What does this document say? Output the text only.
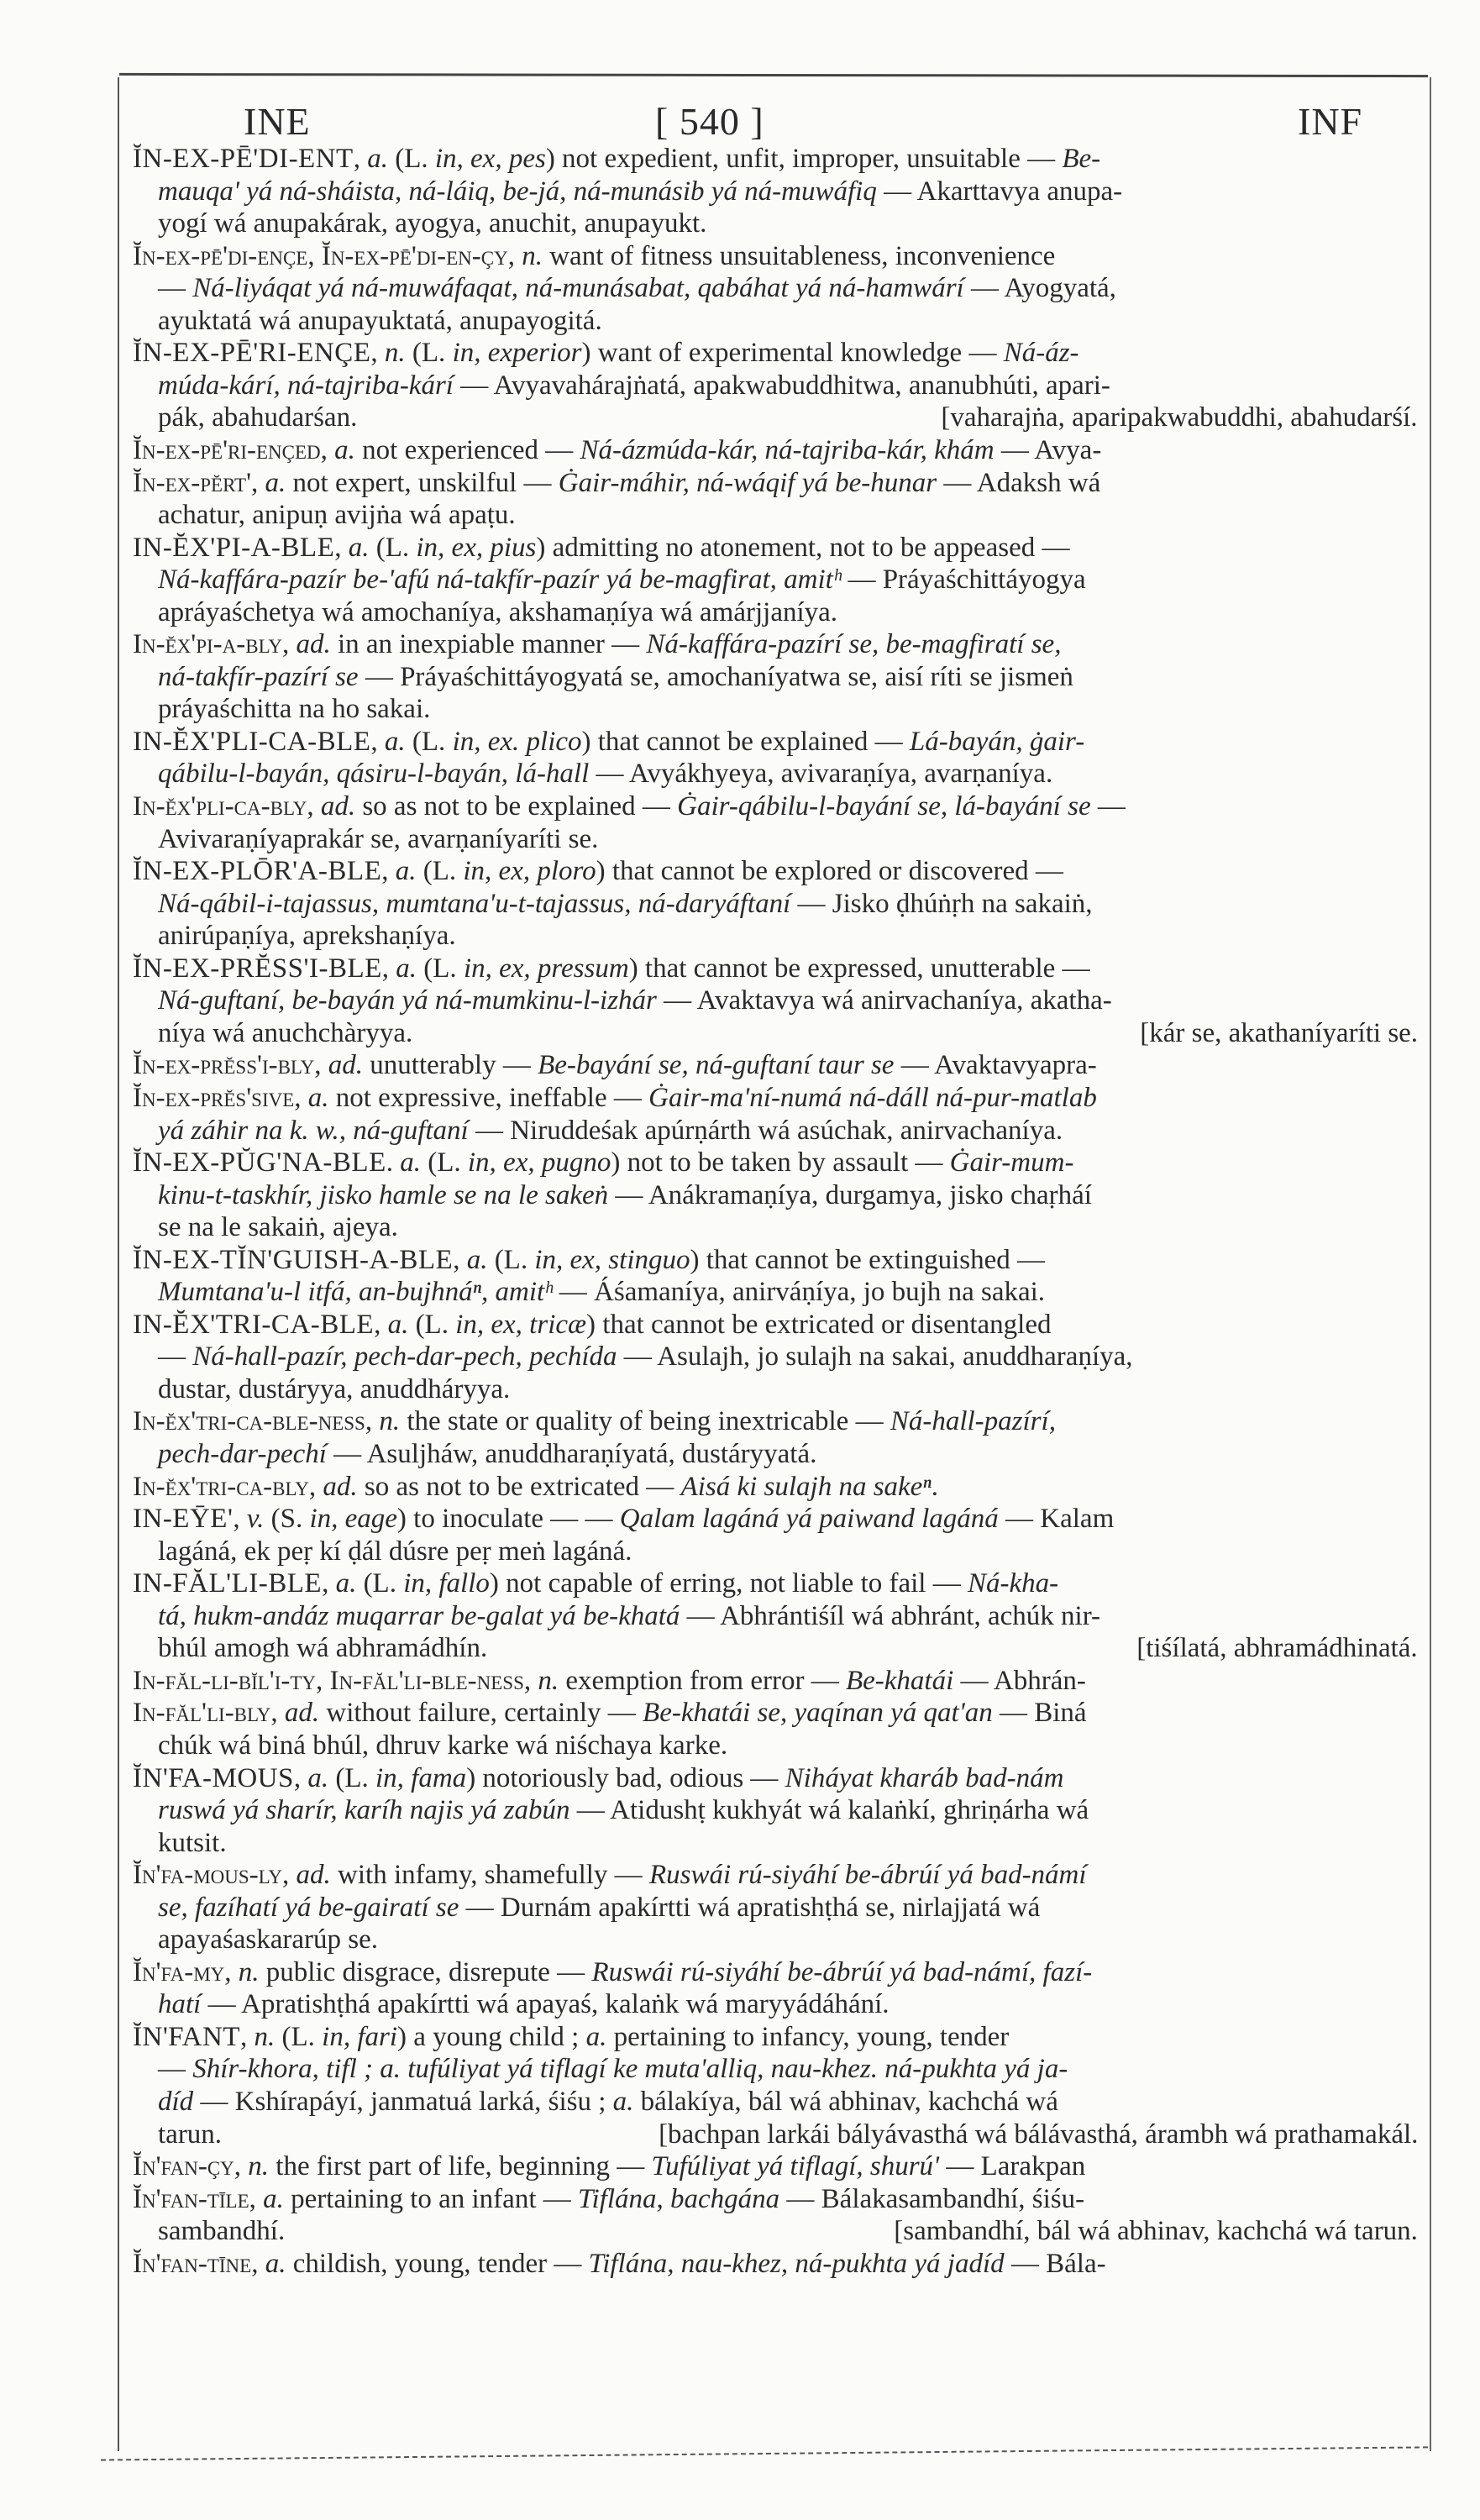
INE	[ 540 ]	INF
ĬN-EX-PĒ'DI-ENT, a. (L. in, ex, pes) not expedient, unfit, improper, unsuitable — Be-
mauqa' yá ná-sháista, ná-láiq, be-já, ná-munásib yá ná-muwáfiq — Akarttavya anupa-
yogí wá anupakárak, ayogya, anuchit, anupayukt.
Ĭn-ex-pē'di-ençe, Ĭn-ex-pē'di-en-çy, n. want of fitness unsuitableness, inconvenience
— Ná-liyáqat yá ná-muwáfaqat, ná-munásabat, qabáhat yá ná-hamwárí — Ayogyatá,
ayuktatá wá anupayuktatá, anupayogitá.
ĬN-EX-PĒ'RI-ENÇE, n. (L. in, experior) want of experimental knowledge — Ná-áz-
múda-kárí, ná-tajriba-kárí — Avyavahárajṅatá, apakwabuddhitwa, ananubhúti, apari-
pák, abahudarśan.	[vaharajṅa, aparipakwabuddhi, abahudarśí.
Ĭn-ex-pē'ri-ençed, a. not experienced — Ná-ázmúda-kár, ná-tajriba-kár, khám — Avya-
Ĭn-ex-pĕrt', a. not expert, unskilful — Ġair-máhir, ná-wáqif yá be-hunar — Adaksh wá
achatur, anipuṇ avijṅa wá apaṭu.
IN-ĔX'PI-A-BLE, a. (L. in, ex, pius) admitting no atonement, not to be appeased —
Ná-kaffára-pazír be-'afú ná-takfír-pazír yá be-magfirat, amitʰ — Práyaśchittáyogya
apráyaśchetya wá amochaníya, akshamaṇíya wá amárjjaníya.
In-ĕx'pi-a-bly, ad. in an inexpiable manner — Ná-kaffára-pazírí se, be-magfiratí se,
ná-takfír-pazírí se — Práyaśchittáyogyatá se, amochaníyatwa se, aisí ríti se jismeṅ
práyaśchitta na ho sakai.
IN-ĔX'PLI-CA-BLE, a. (L. in, ex. plico) that cannot be explained — Lá-bayán, ġair-
qábilu-l-bayán, qásiru-l-bayán, lá-hall — Avyákhyeya, avivaraṇíya, avarṇaníya.
In-ĕx'pli-ca-bly, ad. so as not to be explained — Ġair-qábilu-l-bayání se, lá-bayání se —
Avivaraṇíyaprakár se, avarṇaníyaríti se.
ĬN-EX-PLŌR'A-BLE, a. (L. in, ex, ploro) that cannot be explored or discovered —
Ná-qábil-i-tajassus, mumtana'u-t-tajassus, ná-daryáftaní — Jisko ḍhúṅṛh na sakaiṅ,
anirúpaṇíya, aprekshaṇíya.
ĬN-EX-PRĔSS'I-BLE, a. (L. in, ex, pressum) that cannot be expressed, unutterable —
Ná-guftaní, be-bayán yá ná-mumkinu-l-izhár — Avaktavya wá anirvachaníya, akatha-
níya wá anuchchàryya.	[kár se, akathaníyaríti se.
Ĭn-ex-prĕss'i-bly, ad. unutterably — Be-bayání se, ná-guftaní taur se — Avaktavyapra-
Ĭn-ex-prĕs'sive, a. not expressive, ineffable — Ġair-ma'ní-numá ná-dáll ná-pur-matlab
yá záhir na k. w., ná-guftaní — Niruddeśak apúrṇárth wá asúchak, anirvachaníya.
ĬN-EX-PŬG'NA-BLE. a. (L. in, ex, pugno) not to be taken by assault — Ġair-mum-
kinu-t-taskhír, jisko hamle se na le sakeṅ — Anákramaṇíya, durgamya, jisko chaṛháí
se na le sakaiṅ, ajeya.
ĬN-EX-TĬN'GUISH-A-BLE, a. (L. in, ex, stinguo) that cannot be extinguished —
Mumtana'u-l itfá, an-bujhnáⁿ, amitʰ — Áśamaníya, anirváṇíya, jo bujh na sakai.
IN-ĔX'TRI-CA-BLE, a. (L. in, ex, tricæ) that cannot be extricated or disentangled
— Ná-hall-pazír, pech-dar-pech, pechída — Asulajh, jo sulajh na sakai, anuddharaṇíya,
dustar, dustáryya, anuddháryya.
In-ĕx'tri-ca-ble-ness, n. the state or quality of being inextricable — Ná-hall-pazírí,
pech-dar-pechí — Asuljháw, anuddharaṇíyatá, dustáryyatá.
In-ĕx'tri-ca-bly, ad. so as not to be extricated — Aisá ki sulajh na sakeⁿ.
IN-EȲE', v. (S. in, eage) to inoculate — — Qalam lagáná yá paiwand lagáná — Kalam
lagáná, ek peṛ kí ḍál dúsre peṛ meṅ lagáná.
IN-FĂL'LI-BLE, a. (L. in, fallo) not capable of erring, not liable to fail — Ná-kha-
tá, hukm-andáz muqarrar be-galat yá be-khatá — Abhrántiśíl wá abhránt, achúk nir-
bhúl amogh wá abhramádhín.	[tiśílatá, abhramádhinatá.
In-făl-li-bĭl'i-ty, In-făl'li-ble-ness, n. exemption from error — Be-khatái — Abhrán-
In-făl'li-bly, ad. without failure, certainly — Be-khatái se, yaqínan yá qat'an — Biná
chúk wá biná bhúl, dhruv karke wá niśchaya karke.
ĬN'FA-MOUS, a. (L. in, fama) notoriously bad, odious — Niháyat kharáb bad-nám
ruswá yá sharír, karíh najis yá zabún — Atidushṭ kukhyát wá kalaṅkí, ghriṇárha wá
kutsit.
Ĭn'fa-mous-ly, ad. with infamy, shamefully — Ruswái rú-siyáhí be-ábrúí yá bad-námí
se, fazíhatí yá be-gairatí se — Durnám apakírtti wá apratishṭhá se, nirlajjatá wá
apayaśaskararúp se.
Ĭn'fa-my, n. public disgrace, disrepute — Ruswái rú-siyáhí be-ábrúí yá bad-námí, fazí-
hatí — Apratishṭhá apakírtti wá apayaś, kalaṅk wá maryyádáhání.
ĬN'FANT, n. (L. in, fari) a young child ; a. pertaining to infancy, young, tender
— Shír-khora, tifl ; a. tufúliyat yá tiflagí ke muta'alliq, nau-khez. ná-pukhta yá ja-
díd — Kshírapáyí, janmatuá larká, śiśu ; a. bálakíya, bál wá abhinav, kachchá wá
tarun.	[bachpan larkái bályávasthá wá bálávasthá, árambh wá prathamakál.
Ĭn'fan-çy, n. the first part of life, beginning — Tufúliyat yá tiflagí, shurú' — Larakpan
Ĭn'fan-tīle, a. pertaining to an infant — Tiflána, bachgána — Bálakasambandhí, śiśu-
sambandhí.	[sambandhí, bál wá abhinav, kachchá wá tarun.
Ĭn'fan-tīne, a. childish, young, tender — Tiflána, nau-khez, ná-pukhta yá jadíd — Bála-
